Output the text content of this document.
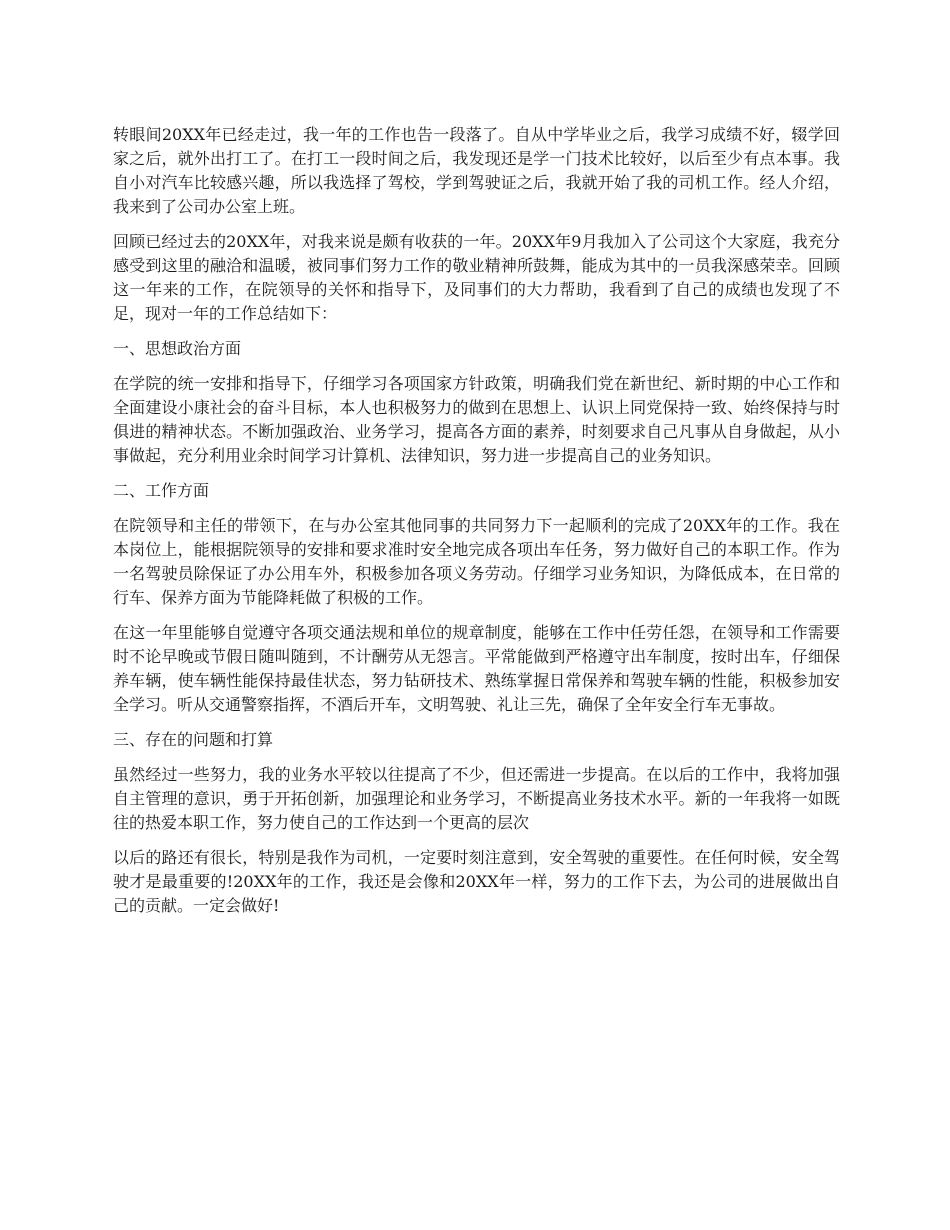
转眼间20XX年已经走过，我一年的工作也告一段落了。自从中学毕业之后，我学习成绩不好，辍学回家之后，就外出打工了。在打工一段时间之后，我发现还是学一门技术比较好，以后至少有点本事。我自小对汽车比较感兴趣，所以我选择了驾校，学到驾驶证之后，我就开始了我的司机工作。经人介绍，我来到了公司办公室上班。

回顾已经过去的20XX年，对我来说是颇有收获的一年。20XX年9月我加入了公司这个大家庭，我充分感受到这里的融洽和温暖，被同事们努力工作的敬业精神所鼓舞，能成为其中的一员我深感荣幸。回顾这一年来的工作，在院领导的关怀和指导下，及同事们的大力帮助，我看到了自己的成绩也发现了不足，现对一年的工作总结如下：

一、思想政治方面

在学院的统一安排和指导下，仔细学习各项国家方针政策，明确我们党在新世纪、新时期的中心工作和全面建设小康社会的奋斗目标，本人也积极努力的做到在思想上、认识上同党保持一致、始终保持与时俱进的精神状态。不断加强政治、业务学习，提高各方面的素养，时刻要求自己凡事从自身做起，从小事做起，充分利用业余时间学习计算机、法律知识，努力进一步提高自己的业务知识。

二、工作方面

在院领导和主任的带领下，在与办公室其他同事的共同努力下一起顺利的完成了20XX年的工作。我在本岗位上，能根据院领导的安排和要求准时安全地完成各项出车任务，努力做好自己的本职工作。作为一名驾驶员除保证了办公用车外，积极参加各项义务劳动。仔细学习业务知识，为降低成本，在日常的行车、保养方面为节能降耗做了积极的工作。

在这一年里能够自觉遵守各项交通法规和单位的规章制度，能够在工作中任劳任怨，在领导和工作需要时不论早晚或节假日随叫随到，不计酬劳从无怨言。平常能做到严格遵守出车制度，按时出车，仔细保养车辆，使车辆性能保持最佳状态，努力钻研技术、熟练掌握日常保养和驾驶车辆的性能，积极参加安全学习。听从交通警察指挥，不酒后开车，文明驾驶、礼让三先，确保了全年安全行车无事故。

三、存在的问题和打算

虽然经过一些努力，我的业务水平较以往提高了不少，但还需进一步提高。在以后的工作中，我将加强自主管理的意识，勇于开拓创新，加强理论和业务学习，不断提高业务技术水平。新的一年我将一如既往的热爱本职工作，努力使自己的工作达到一个更高的层次

以后的路还有很长，特别是我作为司机，一定要时刻注意到，安全驾驶的重要性。在任何时候，安全驾驶才是最重要的!20XX年的工作，我还是会像和20XX年一样，努力的工作下去，为公司的进展做出自己的贡献。一定会做好!
